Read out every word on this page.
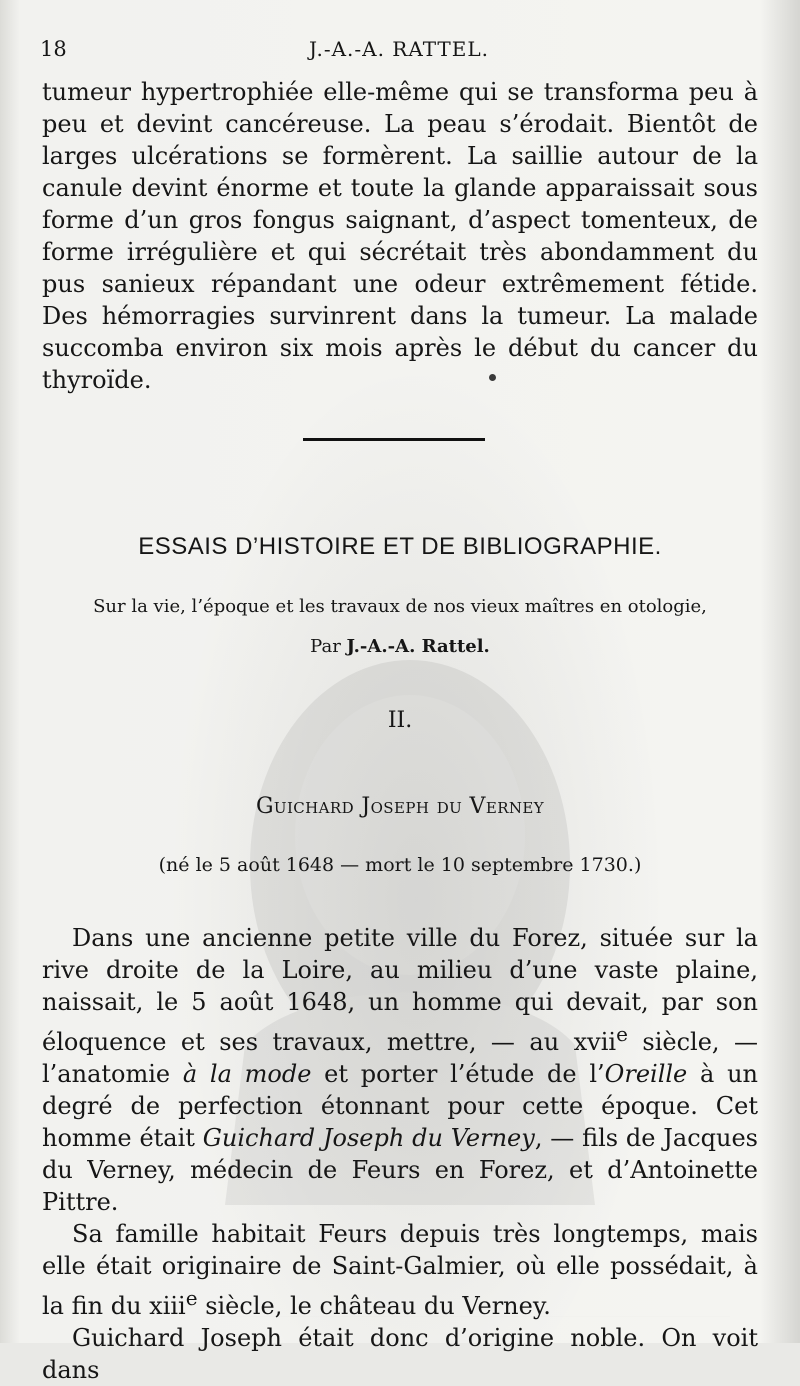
18	J.-A.-A. RATTEL.

tumeur hypertrophiée elle-même qui se transforma peu à peu et devint cancéreuse. La peau s’érodait. Bientôt de larges ulcérations se formèrent. La saillie autour de la canule devint énorme et toute la glande apparaissait sous forme d’un gros fongus saignant, d’aspect tomenteux, de forme irrégulière et qui sécrétait très abondamment du pus sanieux répandant une odeur extrêmement fétide. Des hémorragies survinrent dans la tumeur. La malade succomba environ six mois après le début du cancer du thyroïde.

ESSAIS D’HISTOIRE ET DE BIBLIOGRAPHIE.
Sur la vie, l’époque et les travaux de nos vieux maîtres en otologie,
Par J.-A.-A. Rattel.
II.
Guichard Joseph du Verney
(né le 5 août 1648 — mort le 10 septembre 1730.)

Dans une ancienne petite ville du Forez, située sur la rive droite de la Loire, au milieu d’une vaste plaine, naissait, le 5 août 1648, un homme qui devait, par son éloquence et ses travaux, mettre, — au xvii$^e$ siècle, — l’anatomie à la mode et porter l’étude de l’Oreille à un degré de perfection étonnant pour cette époque. Cet homme était Guichard Joseph du Verney, — fils de Jacques du Verney, médecin de Feurs en Forez, et d’Antoinette Pittre.

Sa famille habitait Feurs depuis très longtemps, mais elle était originaire de Saint-Galmier, où elle possédait, à la fin du xiii$^e$ siècle, le château du Verney.

Guichard Joseph était donc d’origine noble. On voit dans
